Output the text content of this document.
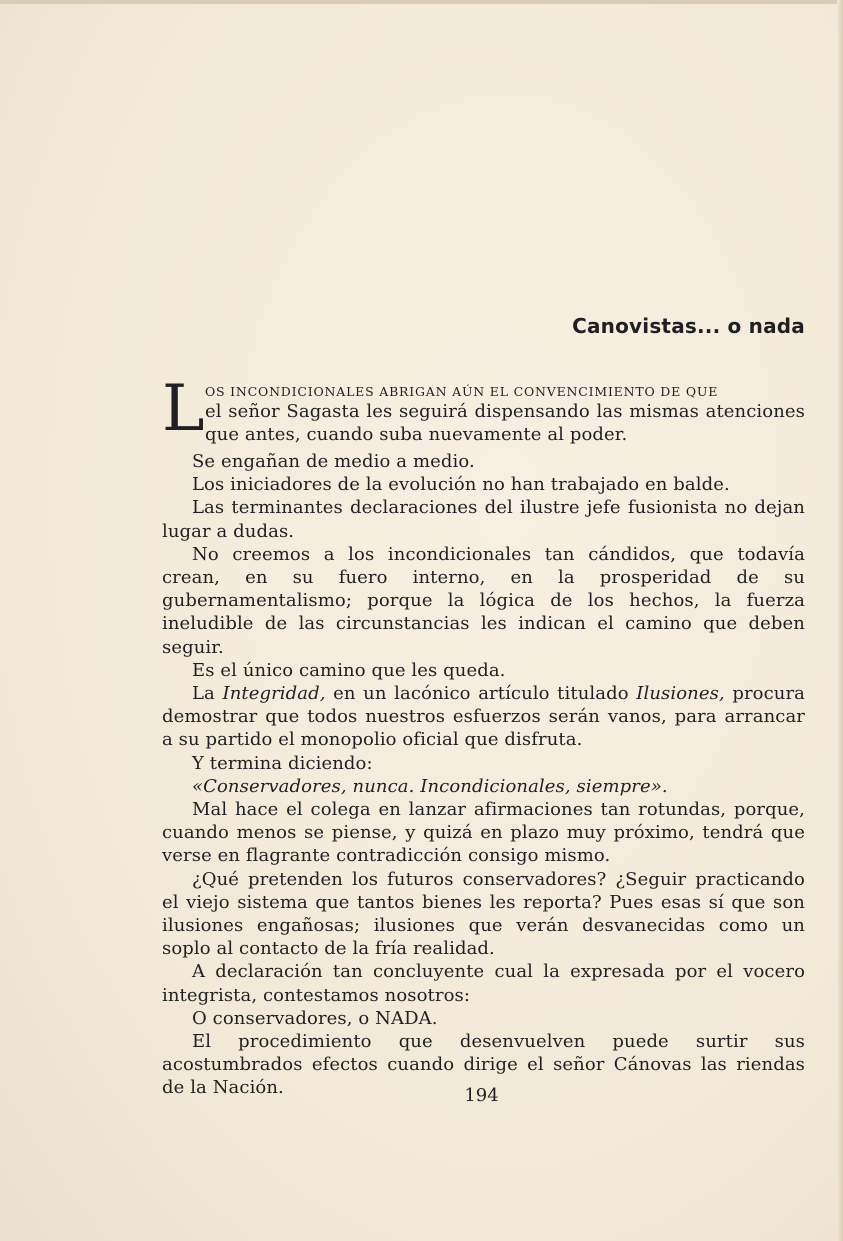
Canovistas... o nada
L OS INCONDICIONALES ABRIGAN AÚN EL CONVENCIMIENTO DE QUE
el señor Sagasta les seguirá dispensando las mismas atenciones que antes, cuando suba nuevamente al poder.

Se engañan de medio a medio.

Los iniciadores de la evolución no han trabajado en balde.

Las terminantes declaraciones del ilustre jefe fusionista no dejan lugar a dudas.

No creemos a los incondicionales tan cándidos, que todavía crean, en su fuero interno, en la prosperidad de su gubernamentalismo; porque la lógica de los hechos, la fuerza ineludible de las circunstancias les indican el camino que deben seguir.

Es el único camino que les queda.

La Integridad, en un lacónico artículo titulado Ilusiones, procura demostrar que todos nuestros esfuerzos serán vanos, para arrancar a su partido el monopolio oficial que disfruta.

Y termina diciendo:

«Conservadores, nunca. Incondicionales, siempre».

Mal hace el colega en lanzar afirmaciones tan rotundas, porque, cuando menos se piense, y quizá en plazo muy próximo, tendrá que verse en flagrante contradicción consigo mismo.

¿Qué pretenden los futuros conservadores? ¿Seguir practicando el viejo sistema que tantos bienes les reporta? Pues esas sí que son ilusiones engañosas; ilusiones que verán desvanecidas como un soplo al contacto de la fría realidad.

A declaración tan concluyente cual la expresada por el vocero integrista, contestamos nosotros:

O conservadores, o NADA.

El procedimiento que desenvuelven puede surtir sus acostumbrados efectos cuando dirige el señor Cánovas las riendas de la Nación.	194
